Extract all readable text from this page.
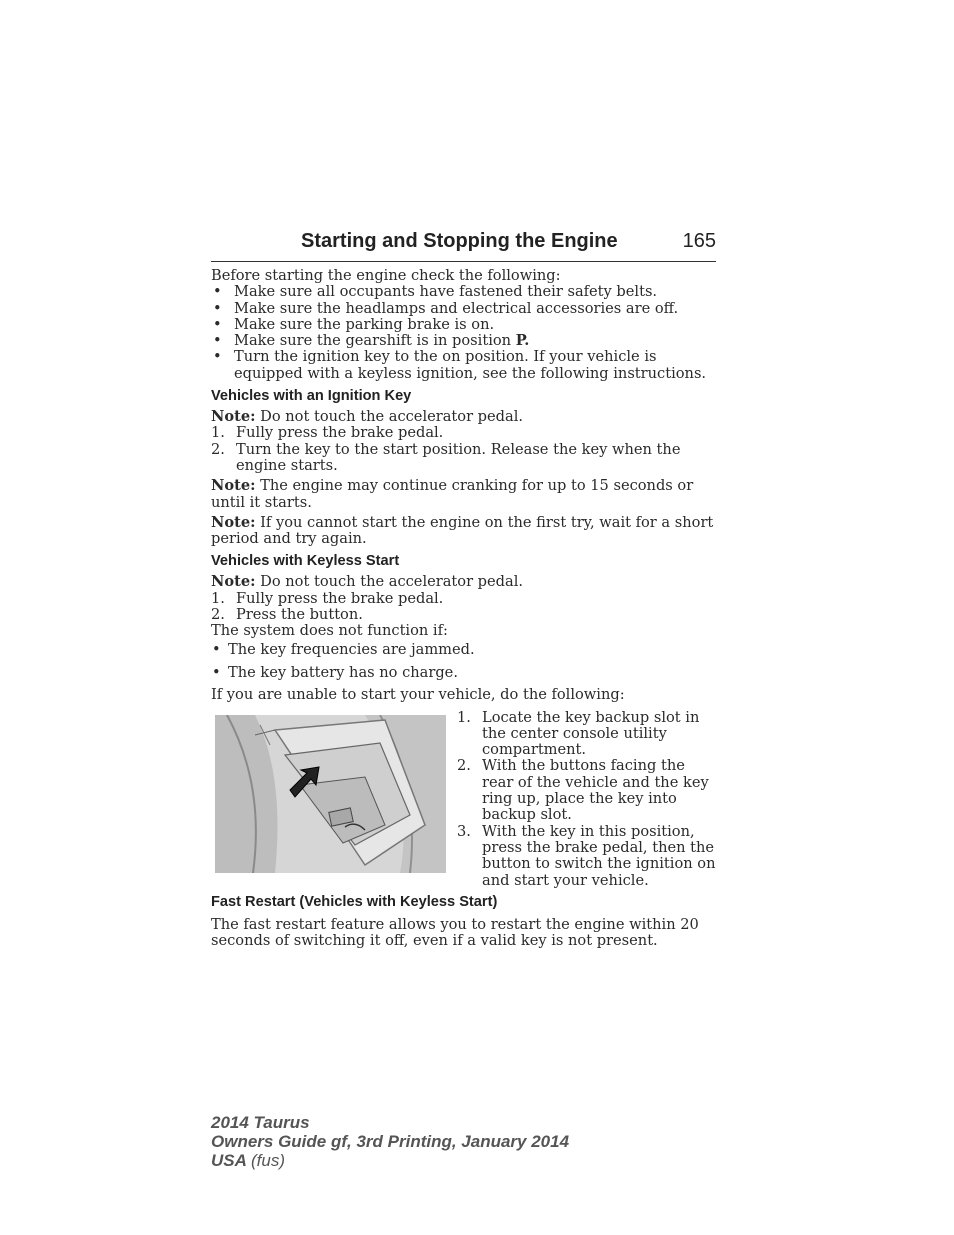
Starting and Stopping the Engine	165

Before starting the engine check the following:

• Make sure all occupants have fastened their safety belts.
• Make sure the headlamps and electrical accessories are off.
• Make sure the parking brake is on.
• Make sure the gearshift is in position P.
• Turn the ignition key to the on position. If your vehicle is equipped with a keyless ignition, see the following instructions.
Vehicles with an Ignition Key

Note: Do not touch the accelerator pedal.

1. Fully press the brake pedal.
2. Turn the key to the start position. Release the key when the engine starts.

Note: The engine may continue cranking for up to 15 seconds or until it starts.

Note: If you cannot start the engine on the first try, wait for a short period and try again.

Vehicles with Keyless Start

Note: Do not touch the accelerator pedal.

1. Fully press the brake pedal.
2. Press the button.

The system does not function if:

• The key frequencies are jammed.
• The key battery has no charge.

If you are unable to start your vehicle, do the following:

1. Locate the key backup slot in the center console utility compartment.
2. With the buttons facing the rear of the vehicle and the key ring up, place the key into backup slot.
3. With the key in this position, press the brake pedal, then the button to switch the ignition on and start your vehicle.
Fast Restart (Vehicles with Keyless Start)

The fast restart feature allows you to restart the engine within 20 seconds of switching it off, even if a valid key is not present.

2014 Taurus
Owners Guide gf, 3rd Printing, January 2014
USA (fus)
